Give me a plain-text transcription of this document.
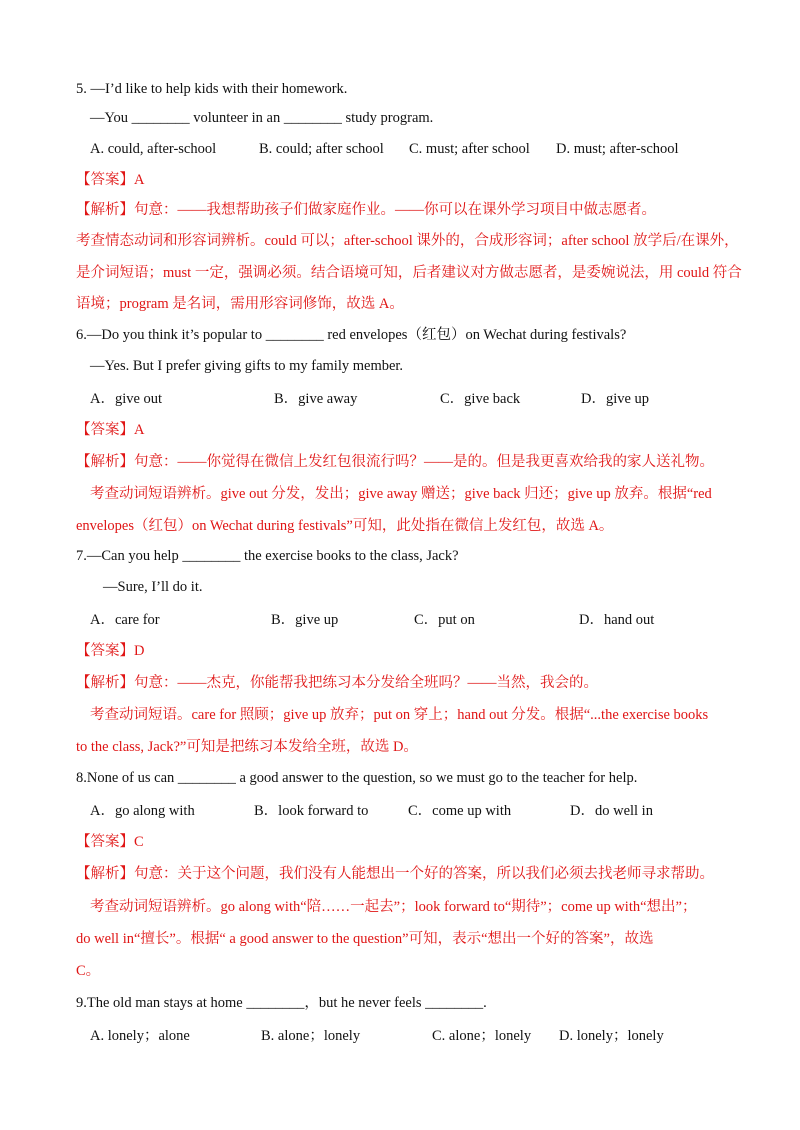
5. —I’d like to help kids with their homework.
—You ________ volunteer in an ________ study program.
A. could, after-school	B. could; after school C. must; after school D. must; after-school
【答案】A
【解析】句意：——我想帮助孩子们做家庭作业。——你可以在课外学习项目中做志愿者。
考查情态动词和形容词辨析。could 可以；after-school 课外的，合成形容词；after school 放学后/在课外，
是介词短语；must 一定，强调必须。结合语境可知，后者建议对方做志愿者，是委婉说法，用 could 符合
语境；program 是名词，需用形容词修饰，故选 A。
6.—Do you think it’s popular to ________ red envelopes（红包）on Wechat during festivals?
—Yes. But I prefer giving gifts to my family member.
A．give out	B．give away	C．give back	D．give up
【答案】A
【解析】句意：——你觉得在微信上发红包很流行吗？——是的。但是我更喜欢给我的家人送礼物。
考查动词短语辨析。give out 分发，发出；give away 赠送；give back 归还；give up 放弃。根据“red
envelopes（红包）on Wechat during festivals”可知，此处指在微信上发红包，故选 A。
7.—Can you help ________ the exercise books to the class, Jack?
—Sure, I’ll do it.
A．care for	B．give up	C．put on	D．hand out
【答案】D
【解析】句意：——杰克，你能帮我把练习本分发给全班吗？——当然，我会的。
考查动词短语。care for 照顾；give up 放弃；put on 穿上；hand out 分发。根据“...the exercise books
to the class, Jack?”可知是把练习本发给全班，故选 D。
8.None of us can ________ a good answer to the question, so we must go to the teacher for help.
A．go along with	B．look forward to	C．come up with	D．do well in
【答案】C
【解析】句意：关于这个问题，我们没有人能想出一个好的答案，所以我们必须去找老师寻求帮助。
考查动词短语辨析。go along with“陪……一起去”；look forward to“期待”；come up with“想出”；
do well in“擅长”。根据“ a good answer to the question”可知，表示“想出一个好的答案”，故选
C。
9.The old man stays at home ________，but he never feels ________.
A. lonely；alone	B. alone；lonely	C. alone；lonely D. lonely；lonely
